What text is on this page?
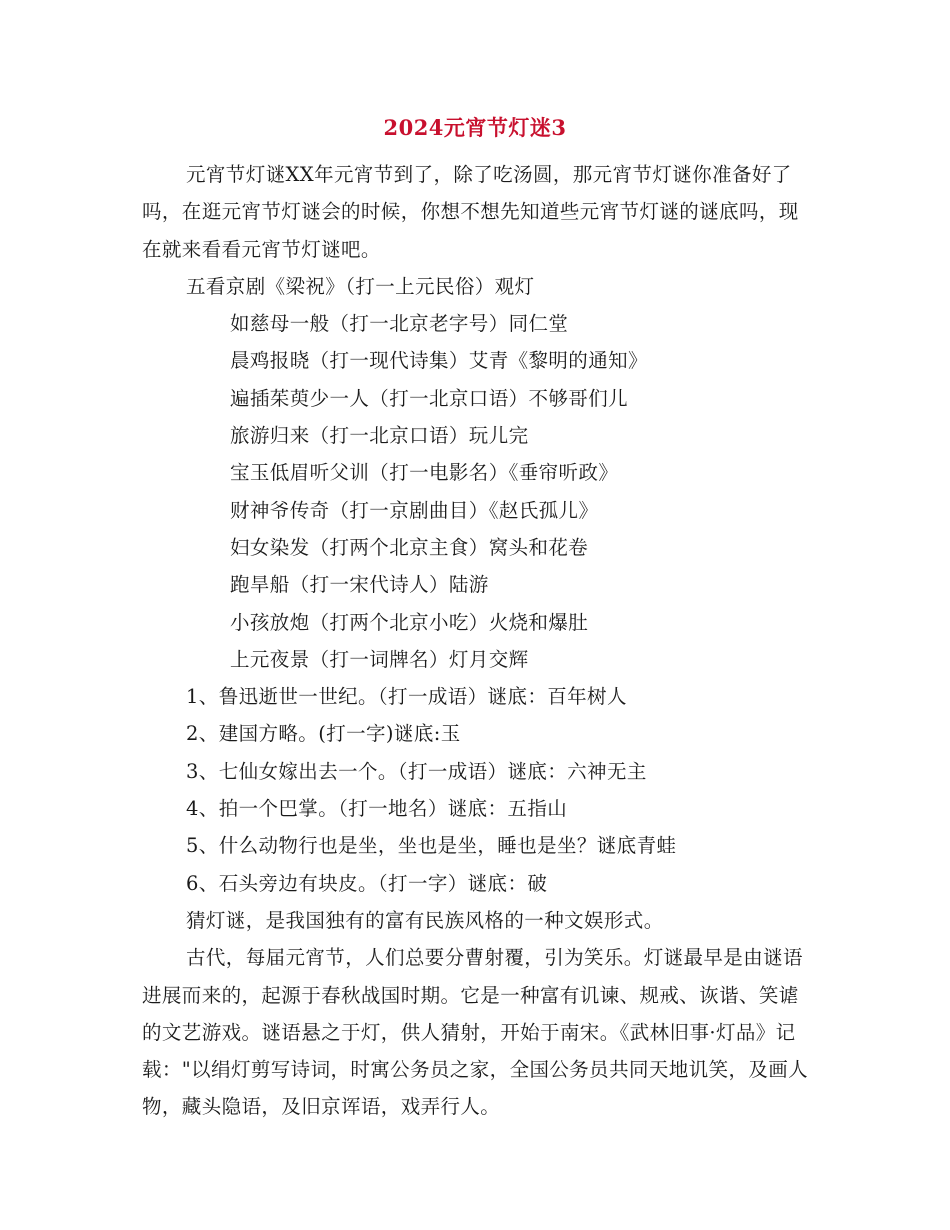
2024元宵节灯迷3

元宵节灯谜XX年元宵节到了，除了吃汤圆，那元宵节灯谜你准备好了吗，在逛元宵节灯谜会的时候，你想不想先知道些元宵节灯谜的谜底吗，现在就来看看元宵节灯谜吧。

五看京剧《梁祝》（打一上元民俗）观灯

如慈母一般（打一北京老字号）同仁堂

晨鸡报晓（打一现代诗集）艾青《黎明的通知》

遍插茱萸少一人（打一北京口语）不够哥们儿

旅游归来（打一北京口语）玩儿完

宝玉低眉听父训（打一电影名）《垂帘听政》

财神爷传奇（打一京剧曲目）《赵氏孤儿》

妇女染发（打两个北京主食）窝头和花卷

跑旱船（打一宋代诗人）陆游

小孩放炮（打两个北京小吃）火烧和爆肚

上元夜景（打一词牌名）灯月交辉

1、鲁迅逝世一世纪。（打一成语）谜底：百年树人

2、建国方略。(打一字)谜底:玉

3、七仙女嫁出去一个。（打一成语）谜底：六神无主

4、拍一个巴掌。（打一地名）谜底：五指山

5、什么动物行也是坐，坐也是坐，睡也是坐？谜底青蛙

6、石头旁边有块皮。（打一字）谜底：破

猜灯谜，是我国独有的富有民族风格的一种文娱形式。

古代，每届元宵节，人们总要分曹射覆，引为笑乐。灯谜最早是由谜语进展而来的，起源于春秋战国时期。它是一种富有讥谏、规戒、诙谐、笑谑的文艺游戏。谜语悬之于灯，供人猜射，开始于南宋。《武林旧事·灯品》记载："以绢灯剪写诗词，时寓公务员之家，全国公务员共同天地讥笑，及画人物，藏头隐语，及旧京诨语，戏弄行人。
